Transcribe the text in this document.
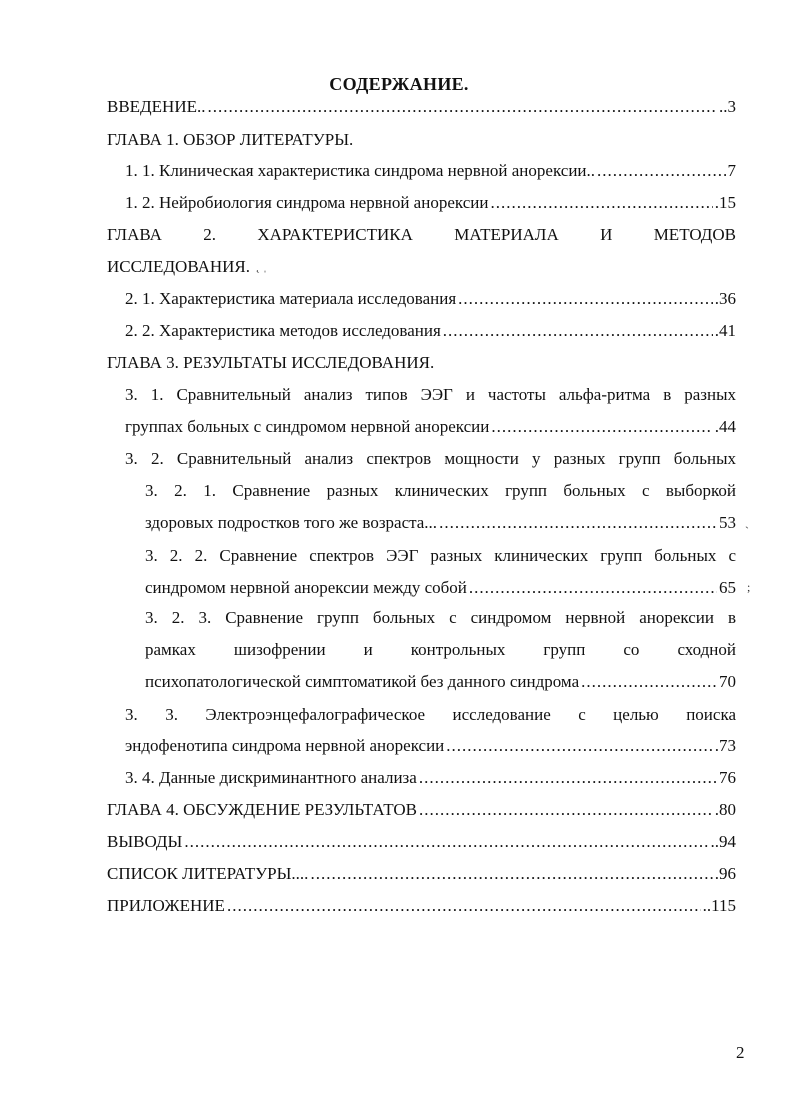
СОДЕРЖАНИЕ.
ВВЕДЕНИЕ.. .....	..3
ГЛАВА 1. ОБЗОР ЛИТЕРАТУРЫ.
1. 1. Клиническая характеристика синдрома нервной анорексии.. .....	7
1. 2. Нейробиология синдрома нервной анорексии .....	.15
ГЛАВА 2. ХАРАКТЕРИСТИКА МАТЕРИАЛА И МЕТОДОВ
ИССЛЕДОВАНИЯ. ˛ ˌ
2. 1. Характеристика материала исследования .....	.36
2. 2. Характеристика методов исследования .....	.41
ГЛАВА 3. РЕЗУЛЬТАТЫ ИССЛЕДОВАНИЯ.
3. 1. Сравнительный анализ типов ЭЭГ и частоты альфа-ритма в разных
группах больных с синдромом нервной анорексии .....	.44
3. 2. Сравнительный анализ спектров мощности у разных групп больных
3. 2. 1. Сравнение разных клинических групп больных с выборкой
здоровых подростков того же возраста... .....	53 ˎ
3. 2. 2. Сравнение спектров ЭЭГ разных клинических групп больных с
синдромом нервной анорексии между собой .....	65 ;
3. 2. 3. Сравнение групп больных с синдромом нервной анорексии в
рамках шизофрении и контрольных групп со сходной
психопатологической симптоматикой без данного синдрома .....	70
3. 3. Электроэнцефалографическое исследование с целью поиска
эндофенотипа синдрома нервной анорексии .....	.73
3. 4. Данные дискриминантного анализа .....	76
ГЛАВА 4. ОБСУЖДЕНИЕ РЕЗУЛЬТАТОВ .....	.80
ВЫВОДЫ .....	..94
СПИСОК ЛИТЕРАТУРЫ.... .....	.96
ПРИЛОЖЕНИЕ .....	..115
2
